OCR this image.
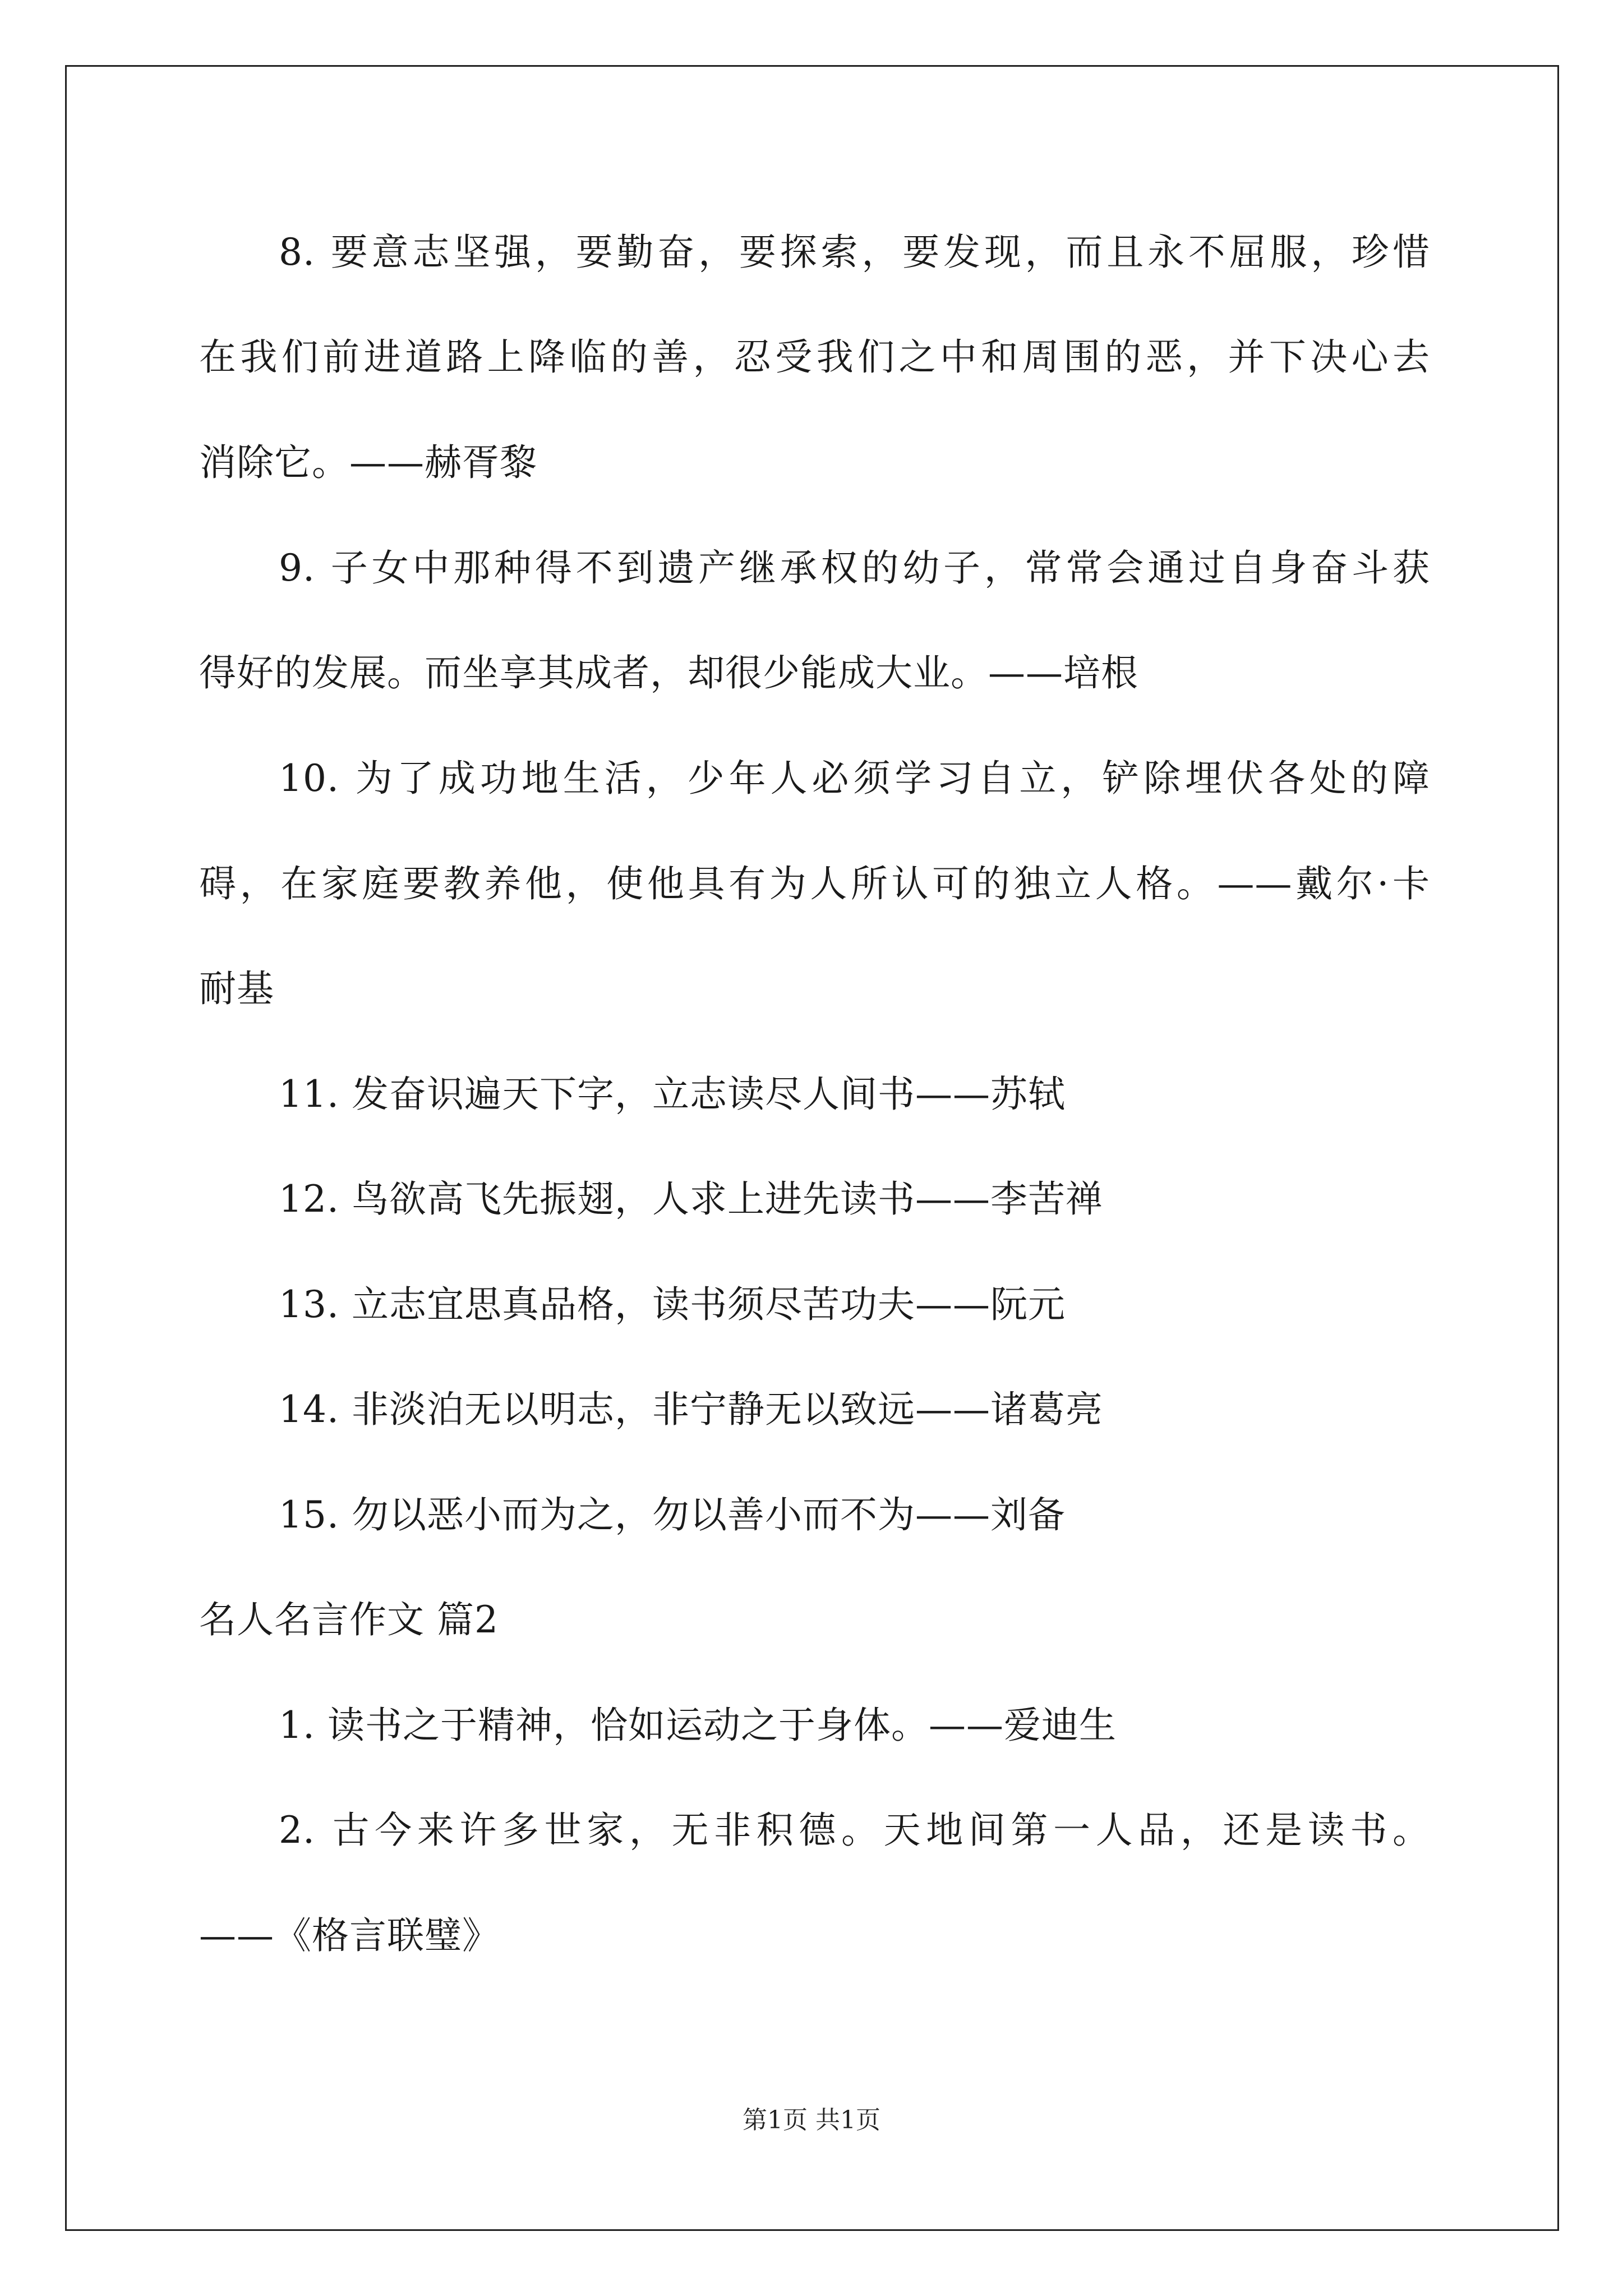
8. 要意志坚强，要勤奋，要探索，要发现，而且永不屈服，珍惜
在我们前进道路上降临的善，忍受我们之中和周围的恶，并下决心去
消除它。——赫胥黎
9. 子女中那种得不到遗产继承权的幼子，常常会通过自身奋斗获
得好的发展。而坐享其成者，却很少能成大业。——培根
10. 为了成功地生活，少年人必须学习自立，铲除埋伏各处的障
碍，在家庭要教养他，使他具有为人所认可的独立人格。——戴尔·卡
耐基
11. 发奋识遍天下字，立志读尽人间书——苏轼
12. 鸟欲高飞先振翅，人求上进先读书——李苦禅
13. 立志宜思真品格，读书须尽苦功夫——阮元
14. 非淡泊无以明志，非宁静无以致远——诸葛亮
15. 勿以恶小而为之，勿以善小而不为——刘备
名人名言作文 篇2
1. 读书之于精神，恰如运动之于身体。——爱迪生
2. 古今来许多世家，无非积德。天地间第一人品，还是读书。
——《格言联璧》
第1页 共1页
